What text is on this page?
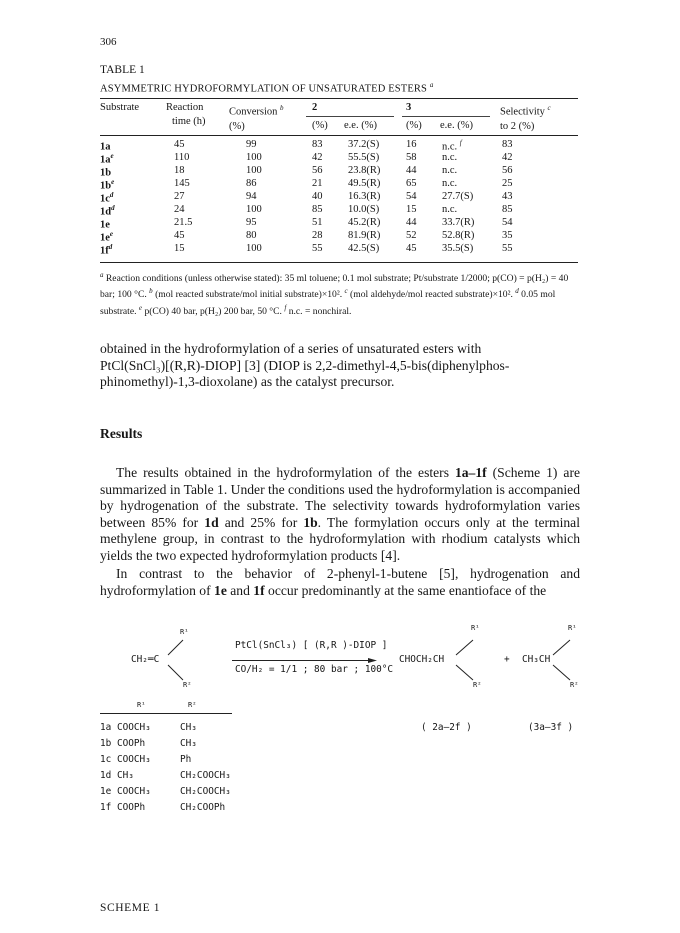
306
TABLE 1
ASYMMETRIC HYDROFORMYLATION OF UNSATURATED ESTERS $^a$
Substrate	Reaction
time (h)
Conversion $^b$
(%)
2	3	Selectivity $^c$
to 2 (%)
(%) e.e. (%)	(%) e.e. (%)
1a	45	99	83 37.2(S)	16 n.c. $^f$	83
$1a^e$	110	100	42 55.5(S)	58 n.c.	42
1b	18	100	56 23.8(R) 44 n.c.	56
$1b^e$	145	86	21 49.5(R) 65 n.c.	25
$1c^d$	27	94	40 16.3(R) 54 27.7(S)	43
$1d^d$	24	100	85 10.0(S)	15 n.c.	85
1e	21.5	95	51 45.2(R) 44 33.7(R)	54
$1e^e$	45	80	28 81.9(R) 52 52.8(R)	35
$1f^d$	15	100	55 42.5(S)	45 35.5(S)	55
$^a$ Reaction conditions (unless otherwise stated): 35 ml toluene; 0.1 mol substrate; Pt/substrate 1/2000; p(CO) = p(H₂) = 40 bar; 100 °C. $^b$ (mol reacted substrate/mol initial substrate)×10². $^c$ (mol aldehyde/mol reacted substrate)×10². $^d$ 0.05 mol substrate. $^e$ p(CO) 40 bar, p(H₂) 200 bar, 50 °C. $^f$ n.c. = nonchiral.
obtained in the hydroformylation of a series of unsaturated esters with
PtCl(SnCl₃)[(R,R)-DIOP] [3] (DIOP is 2,2-dimethyl-4,5-bis(diphenylphos-
phinomethyl)-1,3-dioxolane) as the catalyst precursor.
Results
The results obtained in the hydroformylation of the esters 1a–1f (Scheme 1) are summarized in Table 1. Under the conditions used the hydroformylation is accompanied by hydrogenation of the substrate. The selectivity towards hydroformylation varies between 85% for 1d and 25% for 1b. The formylation occurs only at the terminal methylene group, in contrast to the hydroformylation with rhodium catalysts which yields the two expected hydroformylation products [4].
In contrast to the behavior of 2-phenyl-1-butene [5], hydrogenation and hydroformylation of 1e and 1f occur predominantly at the same enantioface of the
R¹
CH₂═C
R²
PtCl(SnCl₃) [ (R,R )-DIOP ]
CO/H₂ = 1/1 ; 80 bar ; 100°C
R¹
CHOCH₂CH
R²
+
R¹
CH₃CH
R²
R¹	R²
( 2a–2f )	(3a–3f )
1a COOCH₃	CH₃
1b COOPh	CH₃
1c COOCH₃	Ph
1d CH₃	CH₂COOCH₃
1e COOCH₃	CH₂COOCH₃
1f COOPh	CH₂COOPh
SCHEME 1
